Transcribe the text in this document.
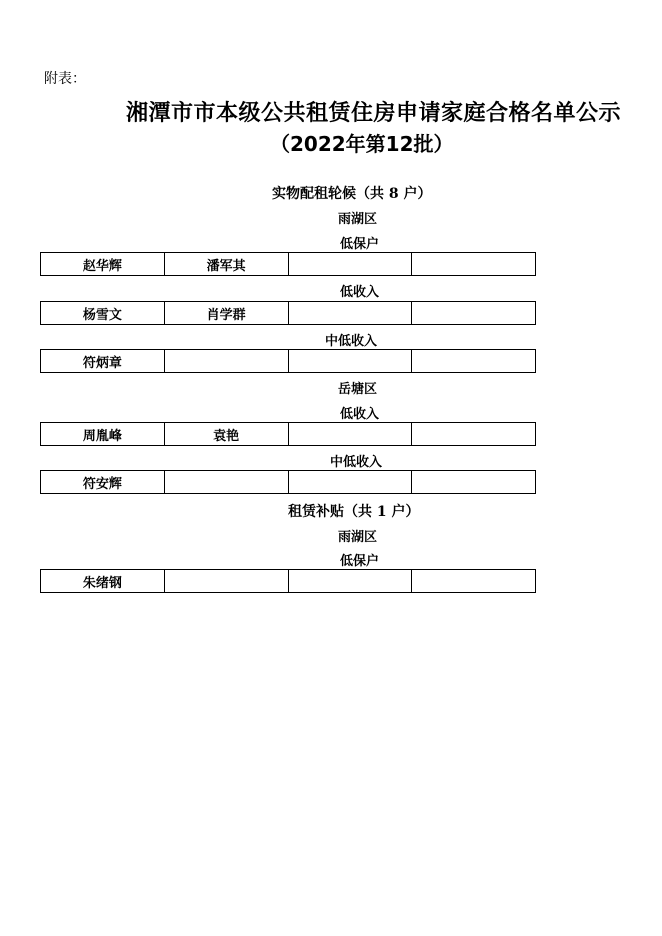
附表：
湘潭市市本级公共租赁住房申请家庭合格名单公示
（2022年第12批）
实物配租轮候（共 8 户）
雨湖区
低保户
赵华辉	潘军其
低收入
杨雪文	肖学群
中低收入
符炳章
岳塘区
低收入
周胤峰	袁艳
中低收入
符安辉
租赁补贴（共 1 户）
雨湖区
低保户
朱绪钢
